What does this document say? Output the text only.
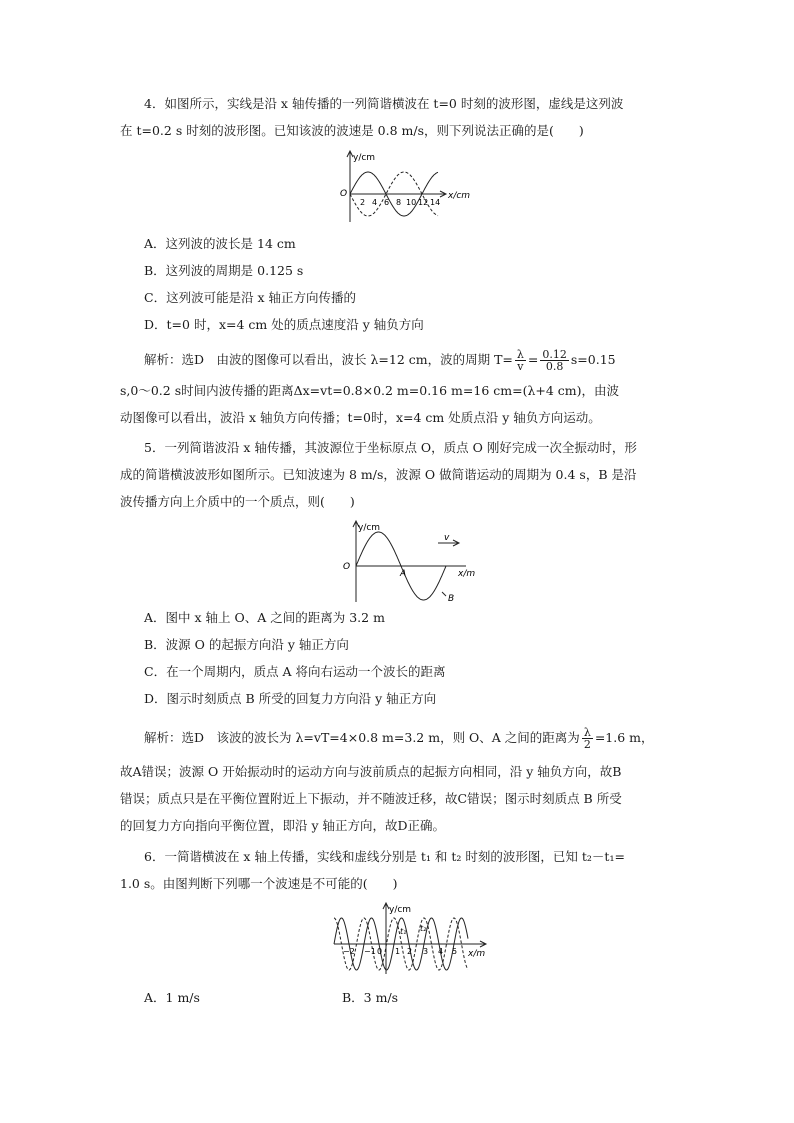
4．如图所示，实线是沿 x 轴传播的一列简谐横波在 t=0 时刻的波形图，虚线是这列波
在 t=0.2 s 时刻的波形图。已知该波的波速是 0.8 m/s，则下列说法正确的是(　　)
y/cm
x/cm
O
2 4 6 8 10 12 14
A．这列波的波长是 14 cm
B．这列波的周期是 0.125 s
C．这列波可能是沿 x 轴正方向传播的
D．t=0 时，x=4 cm 处的质点速度沿 y 轴负方向
解析：选D　由波的图像可以看出，波长 λ=12 cm，波的周期 $T= \frac{\lambda}{v} = \frac{0.12}{0.8} s=0.15$
s,0～0.2 s时间内波传播的距离Δx=vt=0.8×0.2 m=0.16 m=16 cm=(λ+4 cm)，由波
动图像可以看出，波沿 x 轴负方向传播；t=0时，x=4 cm 处质点沿 y 轴负方向运动。
5．一列简谐波沿 x 轴传播，其波源位于坐标原点 O，质点 O 刚好完成一次全振动时，形
成的简谐横波波形如图所示。已知波速为 8 m/s，波源 O 做简谐运动的周期为 0.4 s，B 是沿
波传播方向上介质中的一个质点，则(　　)
y/cm
x/m
O
A
B
v
A．图中 x 轴上 O、A 之间的距离为 3.2 m
B．波源 O 的起振方向沿 y 轴正方向
C．在一个周期内，质点 A 将向右运动一个波长的距离
D．图示时刻质点 B 所受的回复力方向沿 y 轴正方向
解析：选D　该波的波长为 λ=vT=4×0.8 m=3.2 m，则 O、A 之间的距离为 $\frac{\lambda}{2} =1.6$ m，
故A错误；波源 O 开始振动时的运动方向与波前质点的起振方向相同，沿 y 轴负方向，故B
错误；质点只是在平衡位置附近上下振动，并不随波迁移，故C错误；图示时刻质点 B 所受
的回复力方向指向平衡位置，即沿 y 轴正方向，故D正确。
6．一简谐横波在 x 轴上传播，实线和虚线分别是 t₁ 和 t₂ 时刻的波形图，已知 t₂－t₁=
1.0 s。由图判断下列哪一个波速是不可能的(　　)
y/cm
x/m
t₁ t₂
−2 −1 0 1 2 3 4 5
A．1 m/s	B．3 m/s
